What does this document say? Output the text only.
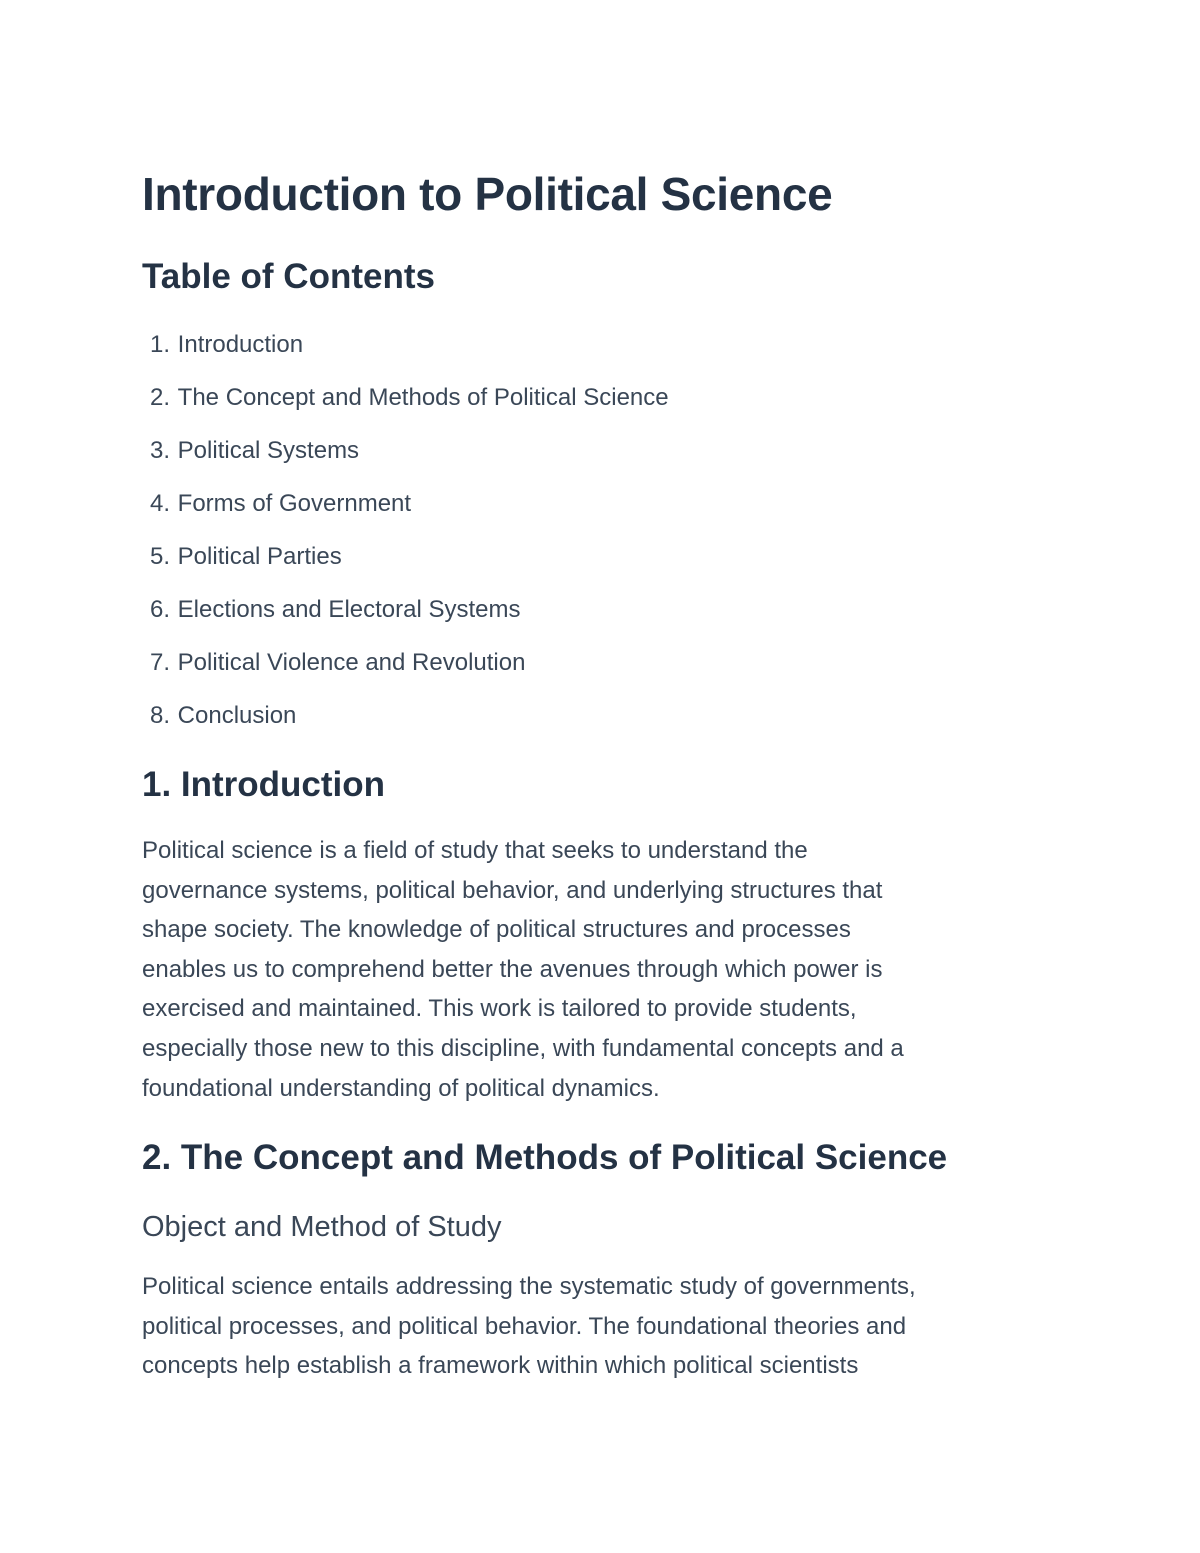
Introduction to Political Science
Table of Contents
1. Introduction
2. The Concept and Methods of Political Science
3. Political Systems
4. Forms of Government
5. Political Parties
6. Elections and Electoral Systems
7. Political Violence and Revolution
8. Conclusion
1. Introduction

Political science is a field of study that seeks to understand the
governance systems, political behavior, and underlying structures that
shape society. The knowledge of political structures and processes
enables us to comprehend better the avenues through which power is
exercised and maintained. This work is tailored to provide students,
especially those new to this discipline, with fundamental concepts and a
foundational understanding of political dynamics.

2. The Concept and Methods of Political Science
Object and Method of Study

Political science entails addressing the systematic study of governments,
political processes, and political behavior. The foundational theories and
concepts help establish a framework within which political scientists
